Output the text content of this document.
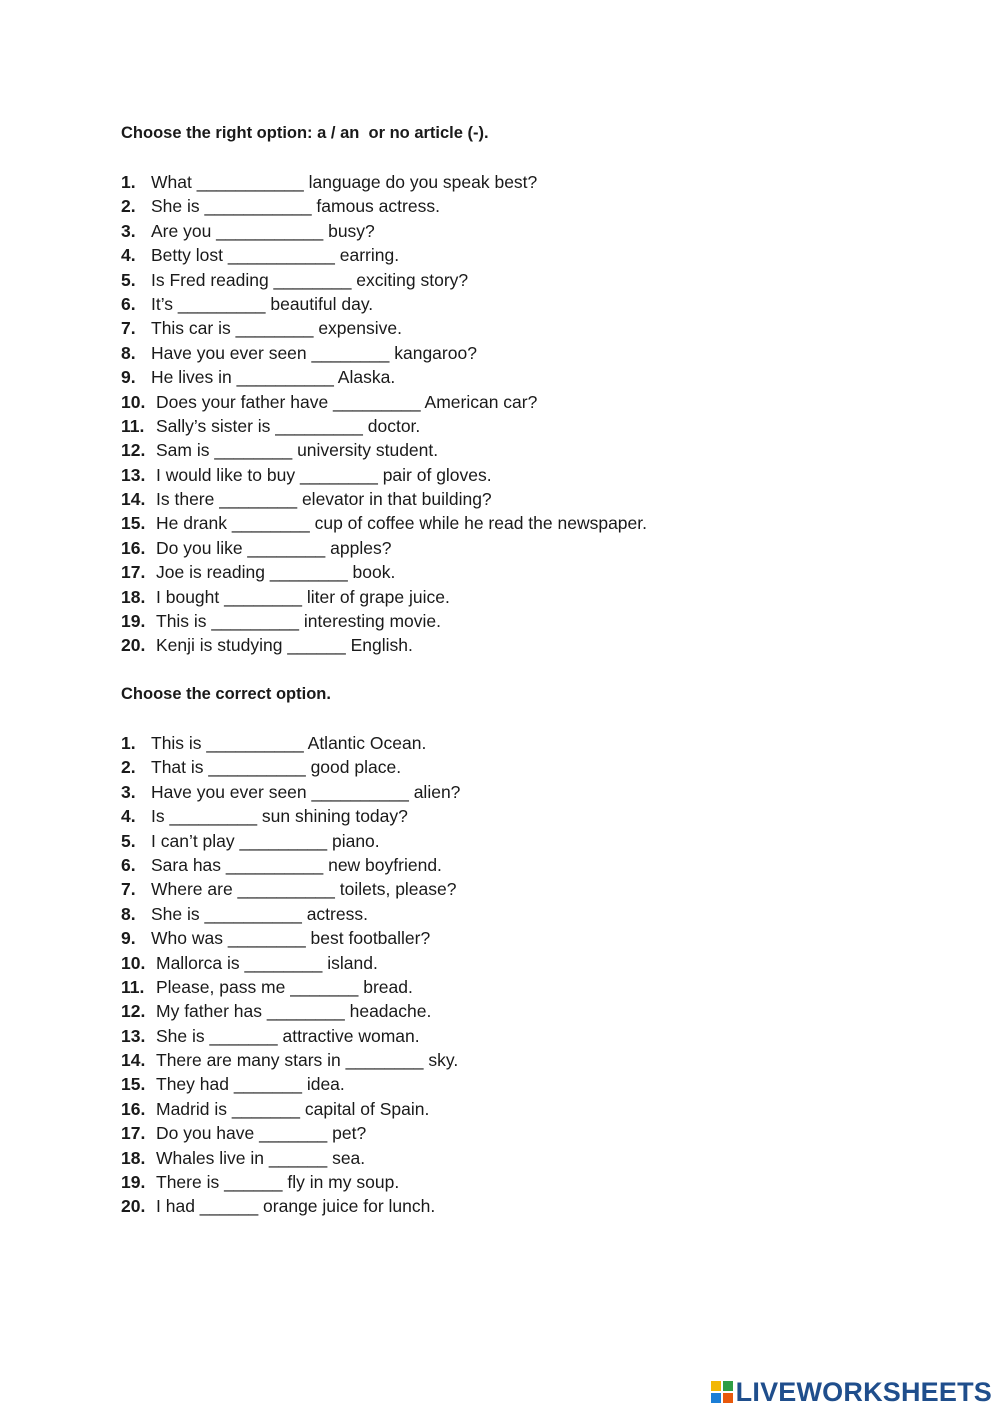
Choose the right option: a / an  or no article (-).
1. What ___________ language do you speak best?
2. She is ___________ famous actress.
3. Are you ___________ busy?
4. Betty lost ___________ earring.
5. Is Fred reading ________ exciting story?
6. It’s _________ beautiful day.
7. This car is ________ expensive.
8. Have you ever seen ________ kangaroo?
9. He lives in __________ Alaska.
10. Does your father have _________ American car?
11. Sally’s sister is _________ doctor.
12. Sam is ________ university student.
13. I would like to buy ________ pair of gloves.
14. Is there ________ elevator in that building?
15. He drank ________ cup of coffee while he read the newspaper.
16. Do you like ________ apples?
17. Joe is reading ________ book.
18. I bought ________ liter of grape juice.
19. This is _________ interesting movie.
20. Kenji is studying ______ English.
Choose the correct option.
1. This is __________ Atlantic Ocean.
2. That is __________ good place.
3. Have you ever seen __________ alien?
4. Is _________ sun shining today?
5. I can’t play _________ piano.
6. Sara has __________ new boyfriend.
7. Where are __________ toilets, please?
8. She is __________ actress.
9. Who was ________ best footballer?
10. Mallorca is ________ island.
11. Please, pass me _______ bread.
12. My father has ________ headache.
13. She is _______ attractive woman.
14. There are many stars in ________ sky.
15. They had _______ idea.
16. Madrid is _______ capital of Spain.
17. Do you have _______ pet?
18. Whales live in ______ sea.
19. There is ______ fly in my soup.
20. I had ______ orange juice for lunch.
LIVEWORKSHEETS
